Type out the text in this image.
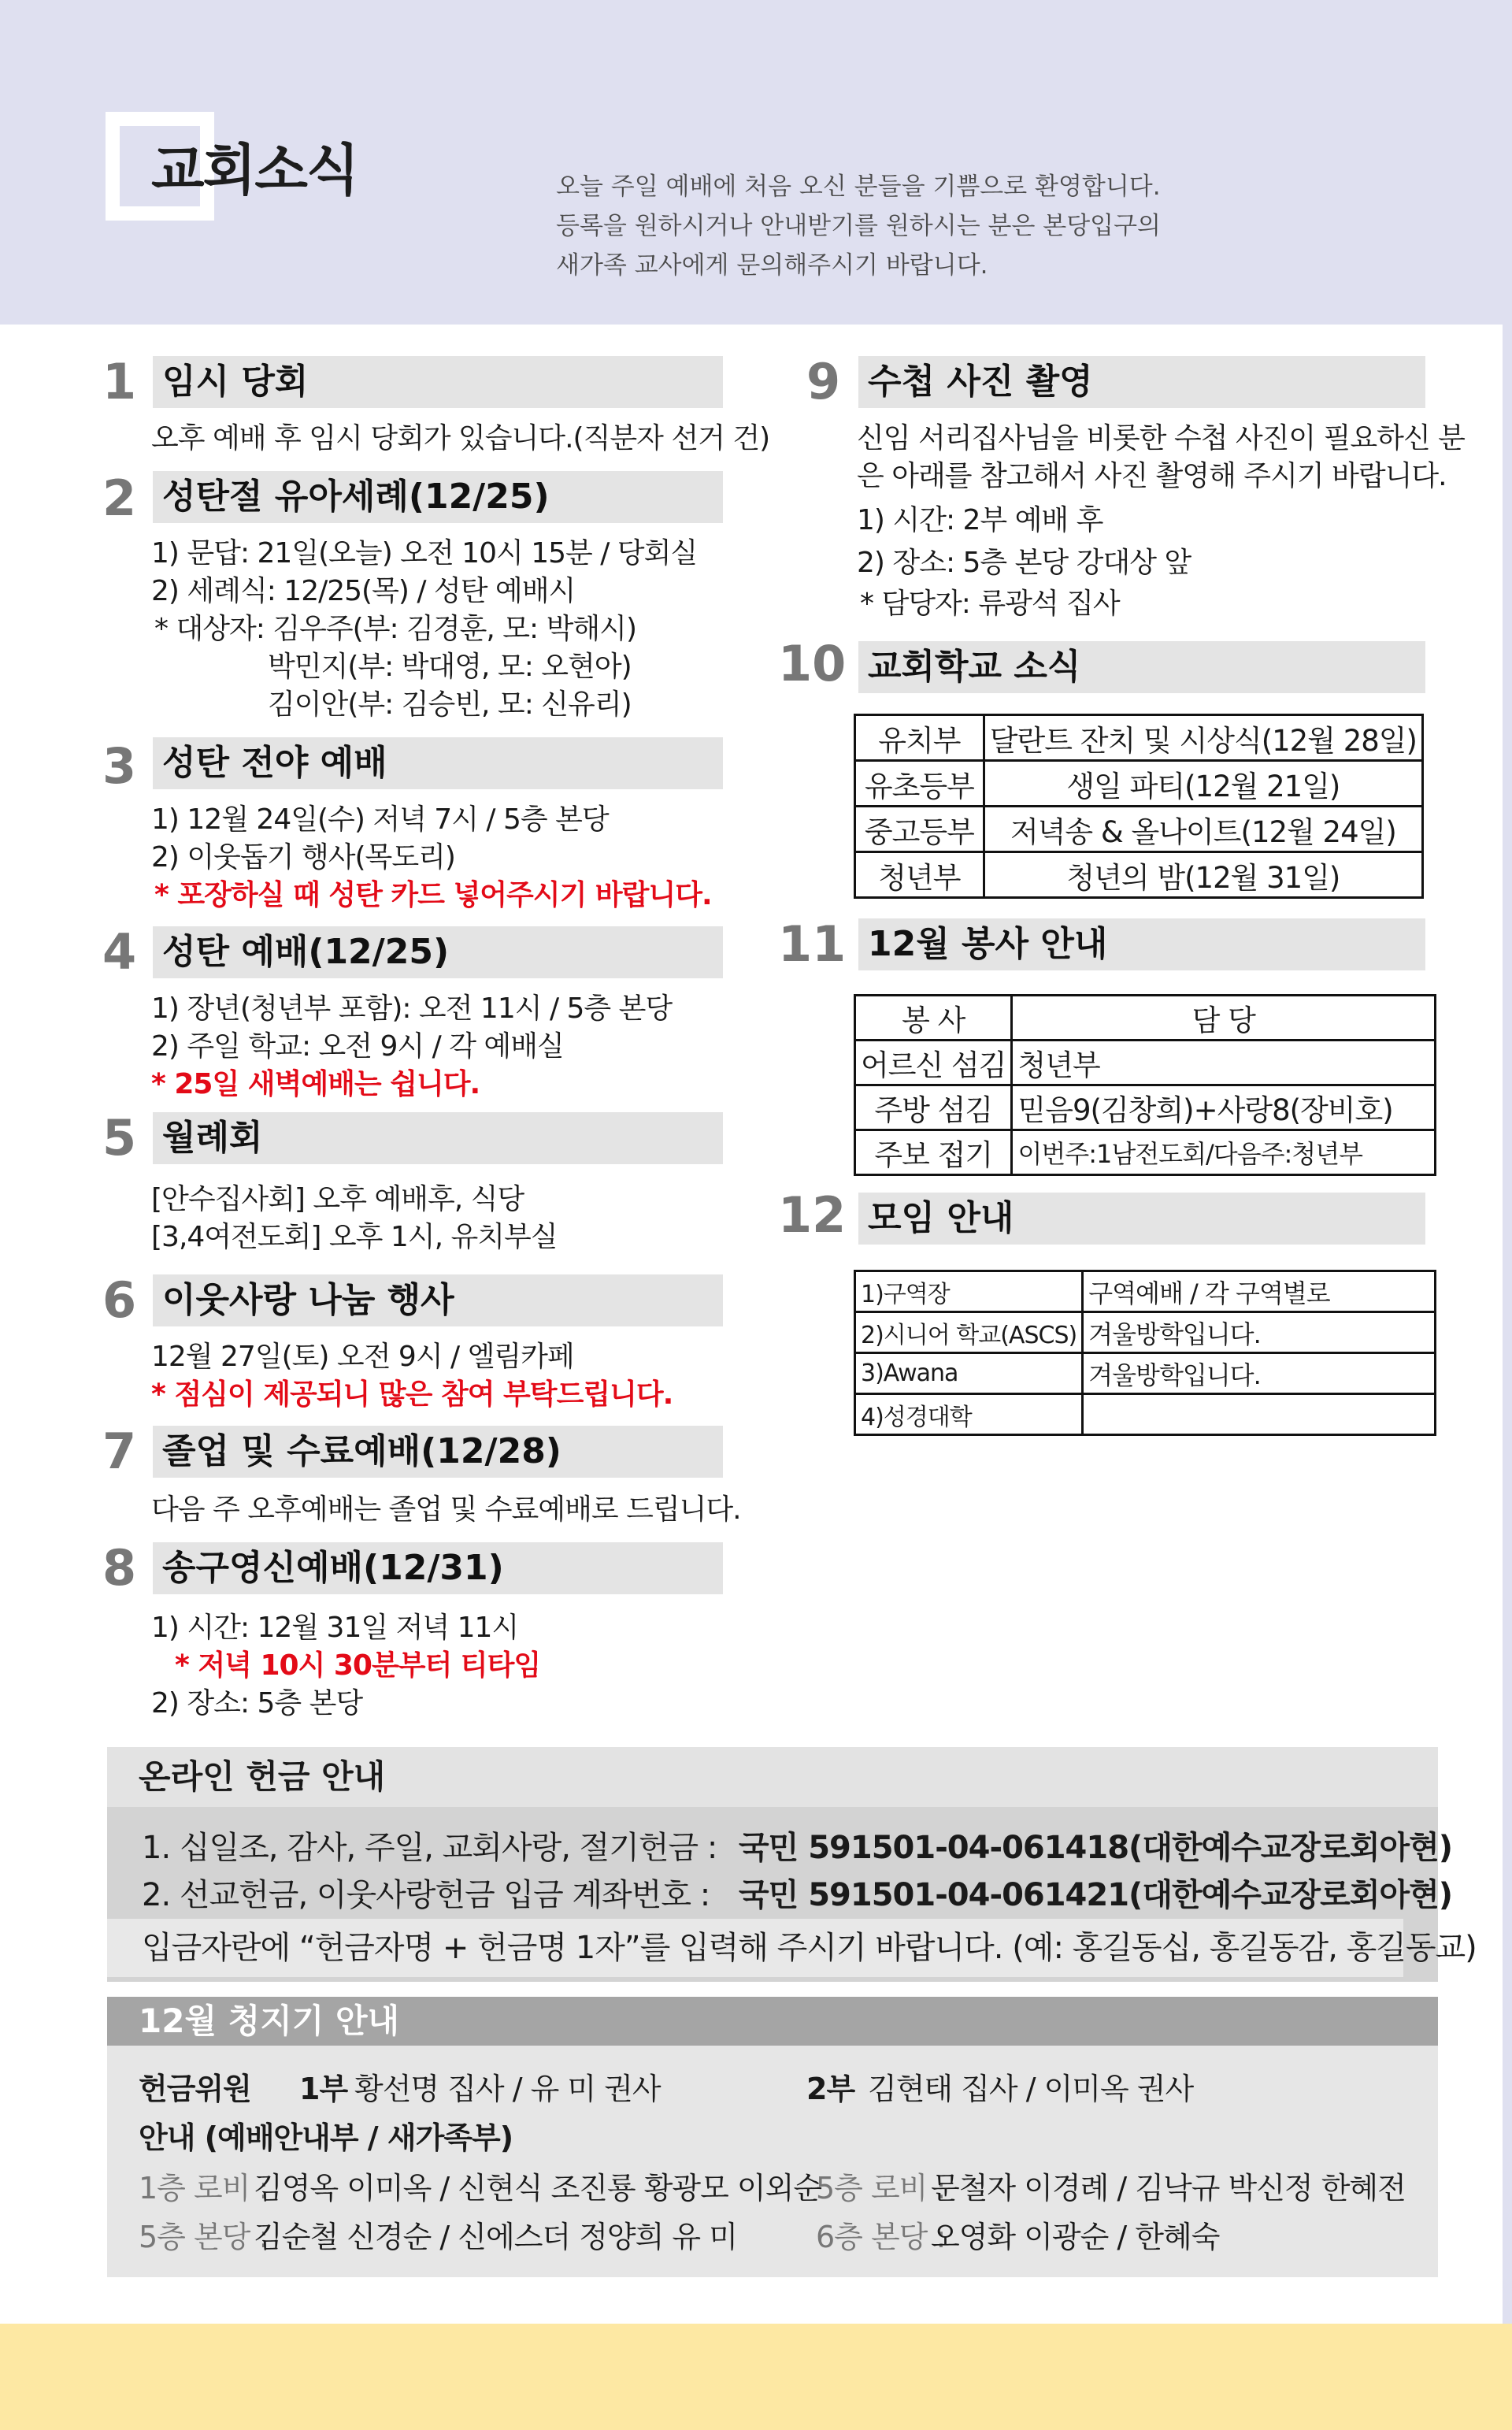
교회소식	오늘 주일 예배에 처음 오신 분들을 기쁨으로 환영합니다.
등록을 원하시거나 안내받기를 원하시는 분은 본당입구의
새가족 교사에게 문의해주시기 바랍니다.
1 임시 당회
오후 예배 후 임시 당회가 있습니다.(직분자 선거 건)
2 성탄절 유아세례(12/25)
1) 문답: 21일(오늘) 오전 10시 15분 / 당회실
2) 세례식: 12/25(목) / 성탄 예배시
* 대상자: 김우주(부: 김경훈, 모: 박해시)
박민지(부: 박대영, 모: 오현아)
김이안(부: 김승빈, 모: 신유리)
3 성탄 전야 예배
1) 12월 24일(수) 저녁 7시 / 5층 본당
2) 이웃돕기 행사(목도리)
* 포장하실 때 성탄 카드 넣어주시기 바랍니다.
4 성탄 예배(12/25)
1) 장년(청년부 포함): 오전 11시 / 5층 본당
2) 주일 학교: 오전 9시 / 각 예배실
* 25일 새벽예배는 쉽니다.
5 월례회
[안수집사회] 오후 예배후, 식당
[3,4여전도회] 오후 1시, 유치부실
6 이웃사랑 나눔 행사
12월 27일(토) 오전 9시 / 엘림카페
* 점심이 제공되니 많은 참여 부탁드립니다.
7 졸업 및 수료예배(12/28)
다음 주 오후예배는 졸업 및 수료예배로 드립니다.
8 송구영신예배(12/31)
1) 시간: 12월 31일 저녁 11시
* 저녁 10시 30분부터 티타임
2) 장소: 5층 본당
9 수첩 사진 촬영
신임 서리집사님을 비롯한 수첩 사진이 필요하신 분
은 아래를 참고해서 사진 촬영해 주시기 바랍니다.
1) 시간: 2부 예배 후
2) 장소: 5층 본당 강대상 앞
* 담당자: 류광석 집사
10 교회학교 소식
유치부	달란트 잔치 및 시상식(12월 28일)
유초등부	생일 파티(12월 21일)
중고등부	저녁송 & 올나이트(12월 24일)
청년부	청년의 밤(12월 31일)
11 12월 봉사 안내
봉 사	담 당
어르신 섬김	청년부
주방 섬김	믿음9(김창희)+사랑8(장비호)
주보 접기	이번주:1남전도회/다음주:청년부
12 모임 안내
1)구역장	구역예배 / 각 구역별로
2)시니어 학교(ASCS)	겨울방학입니다.
3)Awana	겨울방학입니다.
4)성경대학	
온라인 헌금 안내
1. 십일조, 감사, 주일, 교회사랑, 절기헌금 : 국민 591501-04-061418(대한예수교장로회아현)
2. 선교헌금, 이웃사랑헌금 입금 계좌번호 : 국민 591501-04-061421(대한예수교장로회아현)
입금자란에 “헌금자명 + 헌금명 1자”를 입력해 주시기 바랍니다. (예: 홍길동십, 홍길동감, 홍길동교)
12월 청지기 안내
헌금위원 1부 황선명 집사 / 유 미 권사	2부 김현태 집사 / 이미옥 권사
안내 (예배안내부 / 새가족부)
1층 로비 :
김영옥 이미옥 / 신현식 조진룡 황광모 이외순
5층 로비 :
문철자 이경례 / 김낙규 박신정 한혜전
5층 본당 :
김순철 신경순 / 신에스더 정양희 유 미	6층 본당 :
오영화 이광순 / 한혜숙
